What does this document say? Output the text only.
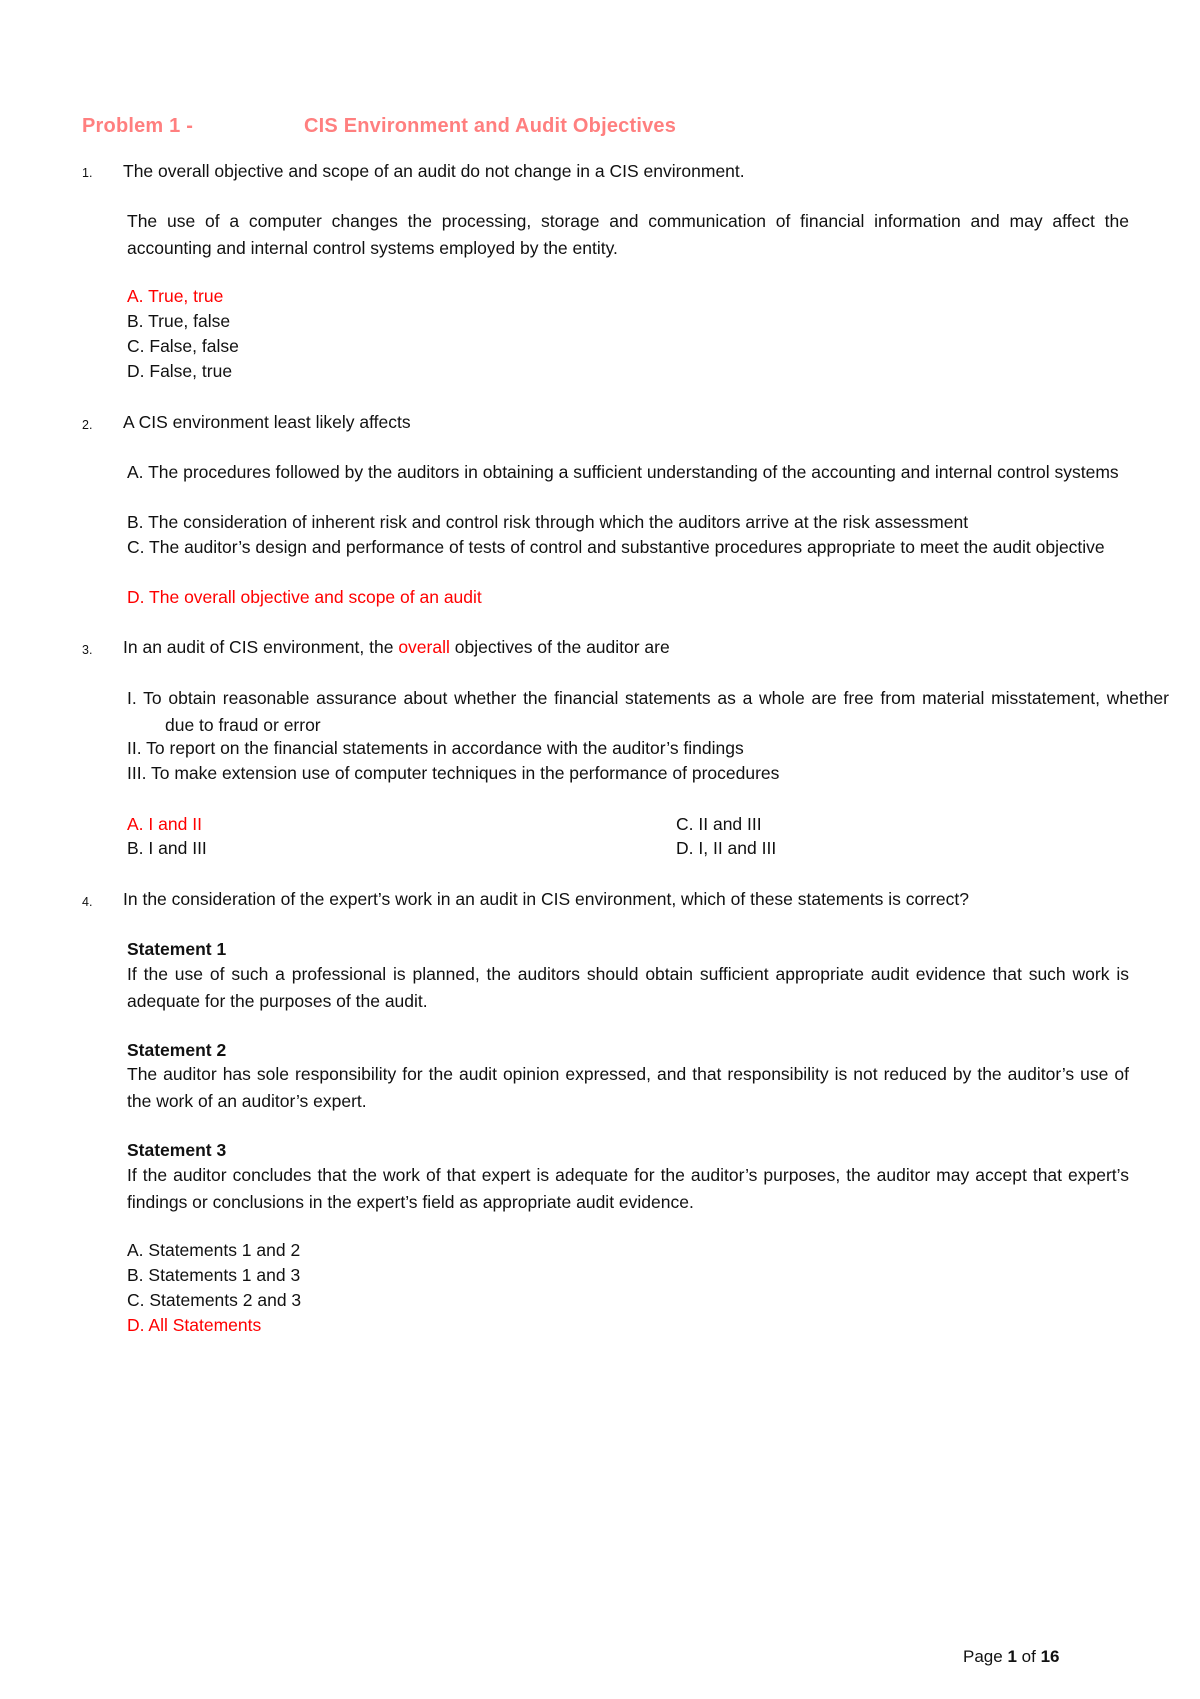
Problem 1 -	CIS Environment and Audit Objectives
1. The overall objective and scope of an audit do not change in a CIS environment.
The use of a computer changes the processing, storage and communication of financial information and may affect the accounting and internal control systems employed by the entity.
A. True, true
B. True, false
C. False, false
D. False, true
2. A CIS environment least likely affects
A. The procedures followed by the auditors in obtaining a sufficient understanding of the accounting and internal control systems
B. The consideration of inherent risk and control risk through which the auditors arrive at the risk assessment
C. The auditor’s design and performance of tests of control and substantive procedures appropriate to meet the audit objective
D. The overall objective and scope of an audit
3. In an audit of CIS environment, the overall objectives of the auditor are
I. To obtain reasonable assurance about whether the financial statements as a whole are free from material misstatement, whether due to fraud or error
II. To report on the financial statements in accordance with the auditor’s findings
III. To make extension use of computer techniques in the performance of procedures
A. I and II
B. I and III
C. II and III
D. I, II and III
4. In the consideration of the expert’s work in an audit in CIS environment, which of these statements is correct?
Statement 1
If the use of such a professional is planned, the auditors should obtain sufficient appropriate audit evidence that such work is adequate for the purposes of the audit.
Statement 2
The auditor has sole responsibility for the audit opinion expressed, and that responsibility is not reduced by the auditor’s use of the work of an auditor’s expert.
Statement 3
If the auditor concludes that the work of that expert is adequate for the auditor’s purposes, the auditor may accept that expert’s findings or conclusions in the expert’s field as appropriate audit evidence.
A. Statements 1 and 2
B. Statements 1 and 3
C. Statements 2 and 3
D. All Statements
Page 1 of 16
